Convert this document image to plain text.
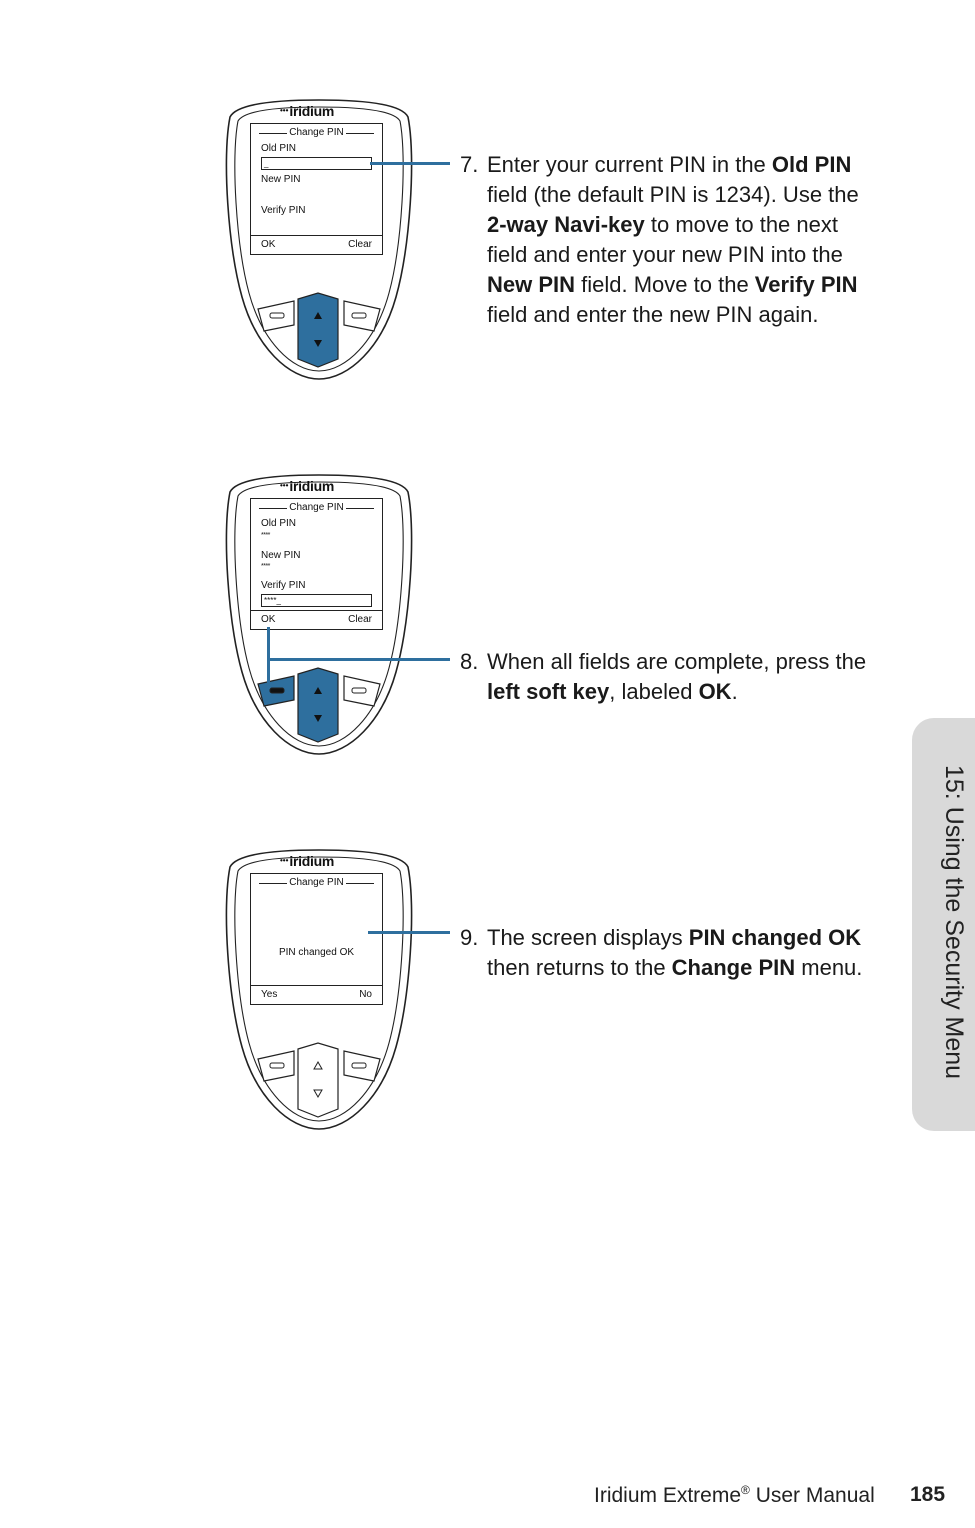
•••iridium
Change PIN
Old PIN
_
New PIN
Verify PIN
OK	Clear
7. Enter your current PIN in the Old PIN field (the default PIN is 1234). Use the 2-way Navi-key to move to the next field and enter your new PIN into the New PIN field. Move to the Verify PIN field and enter the new PIN again.
•••iridium
Change PIN
Old PIN
****
New PIN
****
Verify PIN
****_
OK	Clear
8. When all fields are complete, press the left soft key, labeled OK.
•••iridium
Change PIN
PIN changed OK
Yes	No
9. The screen displays PIN changed OK then returns to the Change PIN menu.	15: Using the Security Menu
Iridium Extreme® User Manual 185
